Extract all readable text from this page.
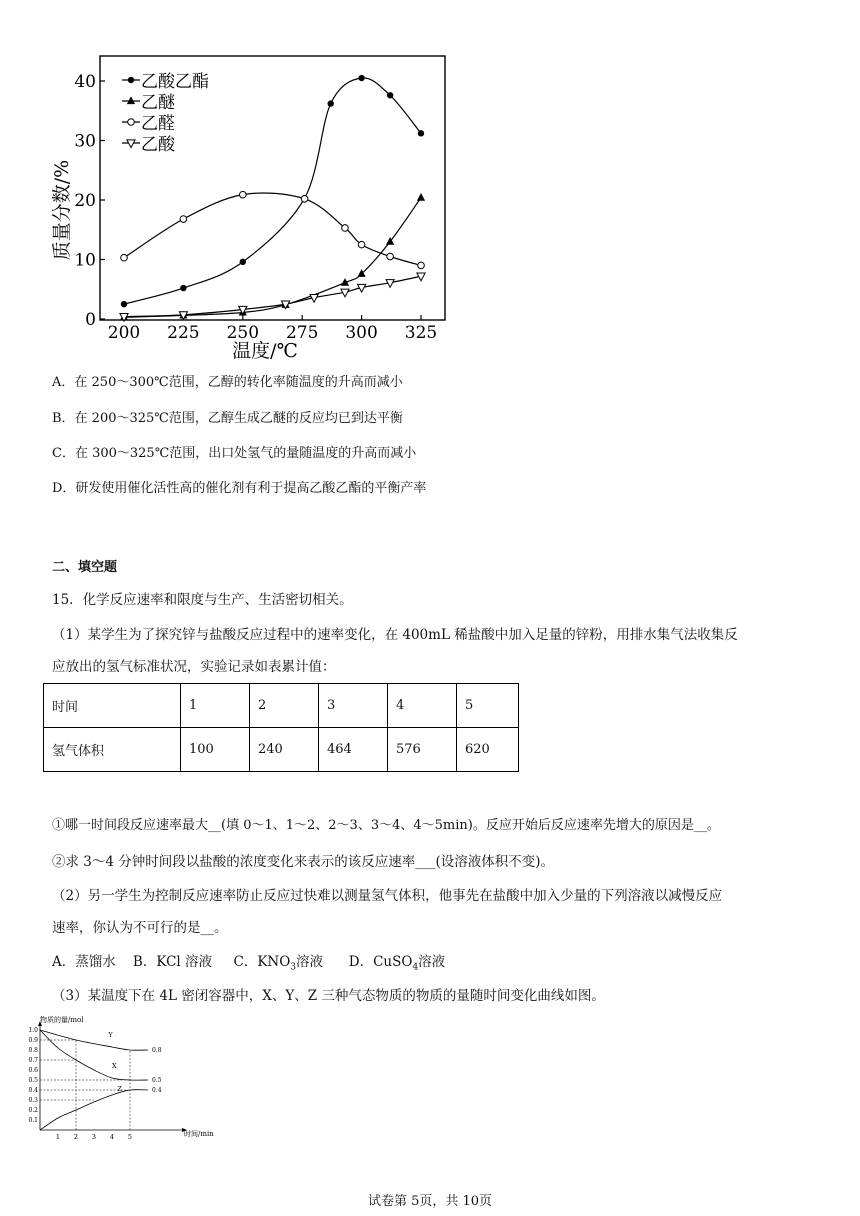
200 225 250 275 300 325
0
10
20
30
40	乙酸乙酯
乙醚
乙醛
乙酸
温度/℃
质量分数/%
A．在 250～300℃范围，乙醇的转化率随温度的升高而减小
B．在 200～325℃范围，乙醇生成乙醚的反应均已到达平衡
C．在 300～325℃范围，出口处氢气的量随温度的升高而减小
D．研发使用催化活性高的催化剂有利于提高乙酸乙酯的平衡产率
二、填空题
15．化学反应速率和限度与生产、生活密切相关。
（1）某学生为了探究锌与盐酸反应过程中的速率变化，在 400mL 稀盐酸中加入足量的锌粉，用排水集气法收集反
应放出的氢气标准状况，实验记录如表累计值：
时间	1	2	3	4	5
氢气体积	100	240	464	576	620
①哪一时间段反应速率最大__(填 0～1、1～2、2～3、3～4、4～5min)。反应开始后反应速率先增大的原因是__。
②求 3～4 分钟时间段以盐酸的浓度变化来表示的该反应速率___(设溶液体积不变)。
（2）另一学生为控制反应速率防止反应过快难以测量氢气体积，他事先在盐酸中加入少量的下列溶液以减慢反应
速率，你认为不可行的是__。
A．蒸馏水 B．KCl 溶液 C．$KNO_3$溶液 D．CuSO$_4$溶液
（3）某温度下在 4L 密闭容器中，X、Y、Z 三种气态物质的物质的量随时间变化曲线如图。
0.1
0.2
0.3
0.4
0.5
0.6
0.7
0.8
0.9
1.0
1 2 3 4 5
Y
0.8
X
0.5
Z	0.4
物质的量/mol
时间/min
试卷第 5页，共 10页
